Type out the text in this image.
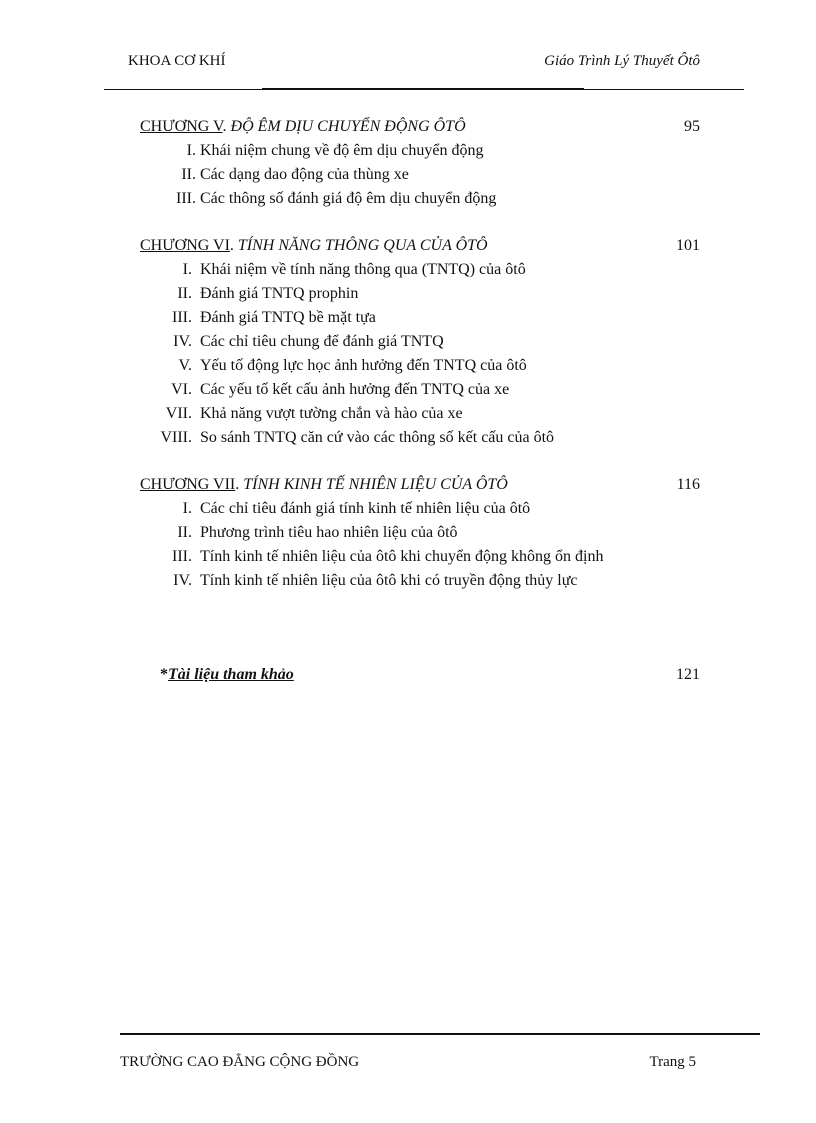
KHOA CƠ KHÍ	Giáo Trình Lý Thuyết Ôtô
CHƯƠNG V. ĐỘ ÊM DỊU CHUYỂN ĐỘNG ÔTÔ	95
I. Khái niệm chung về độ êm dịu chuyển động
II. Các dạng dao động của thùng xe
III. Các thông số đánh giá độ êm dịu chuyển động
CHƯƠNG VI. TÍNH NĂNG THÔNG QUA CỦA ÔTÔ	101
I. Khái niệm về tính năng thông qua (TNTQ) của ôtô
II. Đánh giá TNTQ prophin
III. Đánh giá TNTQ bề mặt tựa
IV. Các chỉ tiêu chung để đánh giá TNTQ
V. Yếu tố động lực học ảnh hưởng đến TNTQ của ôtô
VI. Các yếu tố kết cấu ảnh hưởng đến TNTQ của xe
VII. Khả năng vượt tường chắn và hào của xe
VIII. So sánh TNTQ căn cứ vào các thông số kết cấu của ôtô
CHƯƠNG VII. TÍNH KINH TẾ NHIÊN LIỆU CỦA ÔTÔ	116
I. Các chỉ tiêu đánh giá tính kinh tế nhiên liệu của ôtô
II. Phương trình tiêu hao nhiên liệu của ôtô
III. Tính kinh tế nhiên liệu của ôtô khi chuyển động không ổn định
IV. Tính kinh tế nhiên liệu của ôtô khi có truyền động thủy lực
*Tài liệu tham khảo	121
TRƯỜNG CAO ĐẲNG CỘNG ĐỒNG	Trang 5
